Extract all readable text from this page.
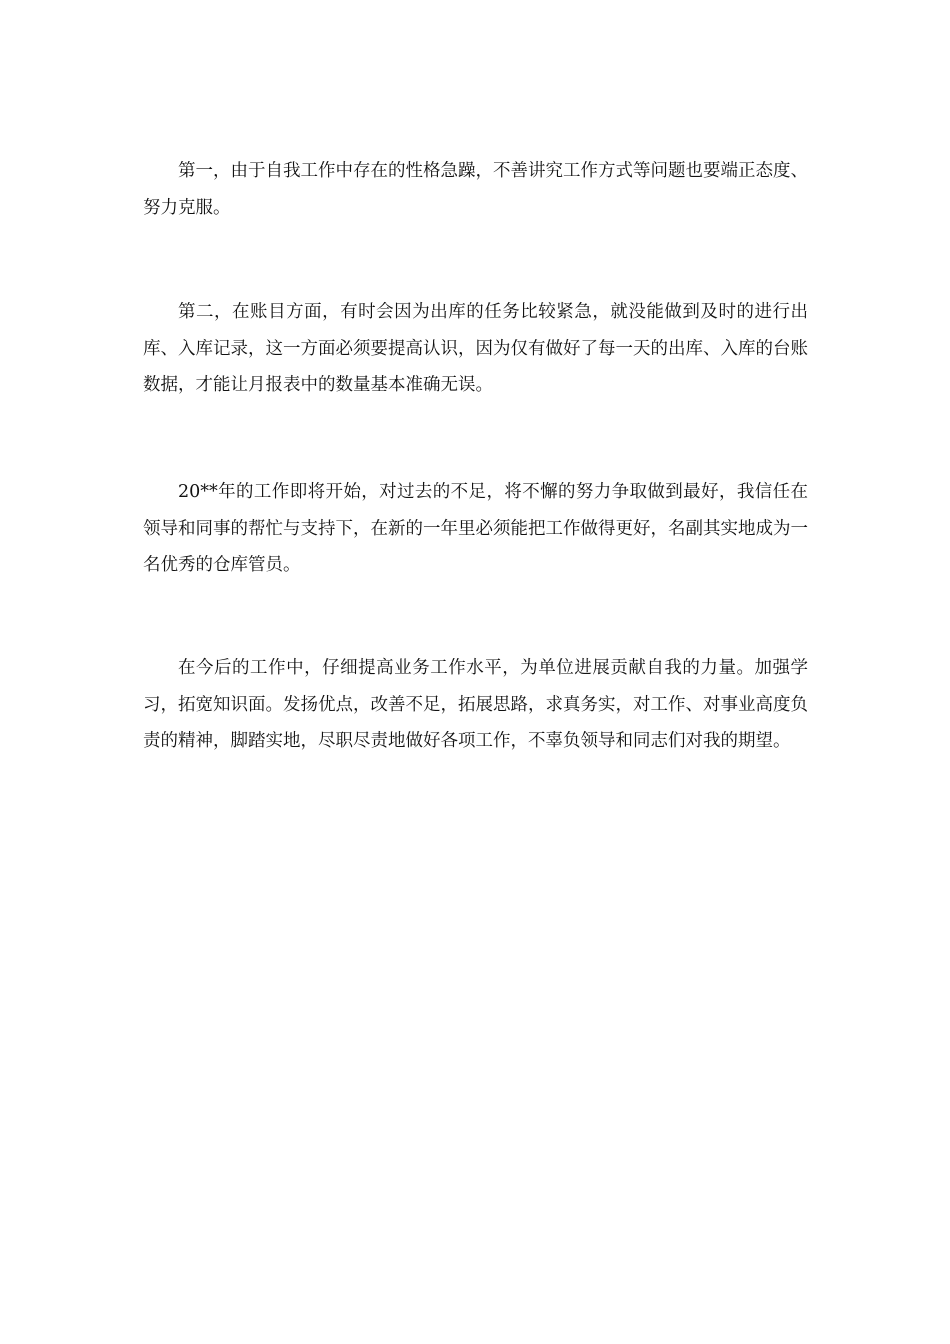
第一，由于自我工作中存在的性格急躁，不善讲究工作方式等问题也要端正态度、努力克服。

第二，在账目方面，有时会因为出库的任务比较紧急，就没能做到及时的进行出库、入库记录，这一方面必须要提高认识，因为仅有做好了每一天的出库、入库的台账数据，才能让月报表中的数量基本准确无误。

20**年的工作即将开始，对过去的不足，将不懈的努力争取做到最好，我信任在领导和同事的帮忙与支持下，在新的一年里必须能把工作做得更好，名副其实地成为一名优秀的仓库管员。

在今后的工作中，仔细提高业务工作水平，为单位进展贡献自我的力量。加强学习，拓宽知识面。发扬优点，改善不足，拓展思路，求真务实，对工作、对事业高度负责的精神，脚踏实地，尽职尽责地做好各项工作，不辜负领导和同志们对我的期望。
